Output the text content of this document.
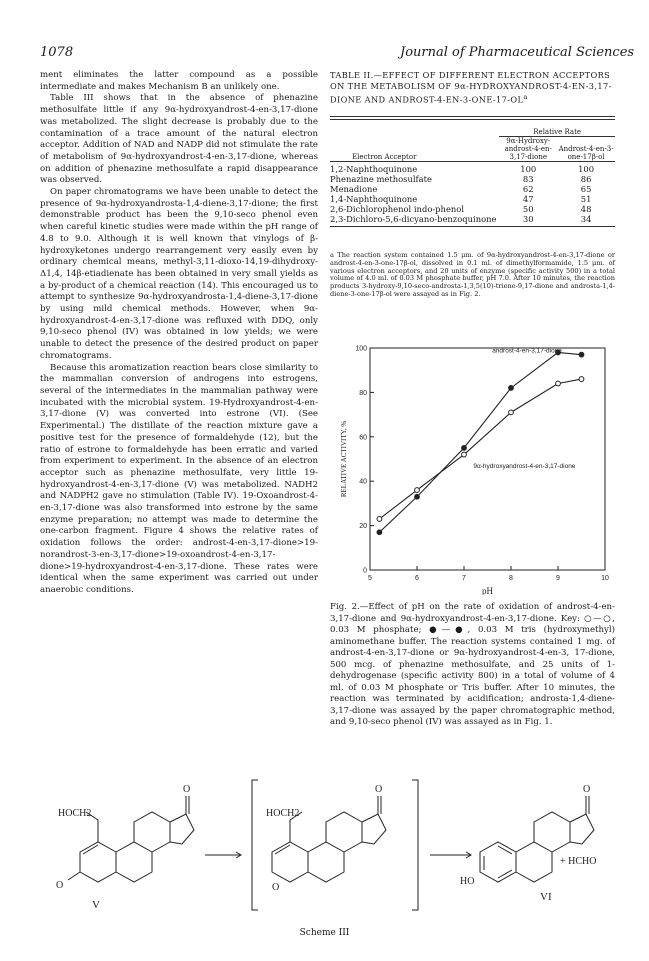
1078	Journal of Pharmaceutical Sciences

ment eliminates the latter compound as a possible intermediate and makes Mechanism B an unlikely one.

Table III shows that in the absence of phenazine methosulfate little if any 9α-hydroxyandrost-4-en-3,17-dione was metabolized. The slight decrease is probably due to the contamination of a trace amount of the natural electron acceptor. Addition of NAD and NADP did not stimulate the rate of metabolism of 9α-hydroxyandrost-4-en-3,17-dione, whereas on addition of phenazine methosulfate a rapid disappearance was observed.

On paper chromatograms we have been unable to detect the presence of 9α-hydroxyandrosta-1,4-diene-3,17-dione; the first demonstrable product has been the 9,10-seco phenol even when careful kinetic studies were made within the pH range of 4.8 to 9.0. Although it is well known that vinylogs of β-hydroxyketones undergo rearrangement very easily even by ordinary chemical means, methyl-3,11-dioxo-14,19-dihydroxy-Δ1,4, 14β-etiadienate has been obtained in very small yields as a by-product of a chemical reaction (14). This encouraged us to attempt to synthesize 9α-hydroxyandrosta-1,4-diene-3,17-dione by using mild chemical methods. However, when 9α-hydroxyandrost-4-en-3,17-dione was refluxed with DDQ, only 9,10-seco phenol (IV) was obtained in low yields; we were unable to detect the presence of the desired product on paper chromatograms.

Because this aromatization reaction bears close similarity to the mammalian conversion of androgens into estrogens, several of the intermediates in the mammalian pathway were incubated with the microbial system. 19-Hydroxyandrost-4-en-3,17-dione (V) was converted into estrone (VI). (See Experimental.) The distillate of the reaction mixture gave a positive test for the presence of formaldehyde (12), but the ratio of estrone to formaldehyde has been erratic and varied from experiment to experiment. In the absence of an electron acceptor such as phenazine methosulfate, very little 19-hydroxyandrost-4-en-3,17-dione (V) was metabolized. NADH2 and NADPH2 gave no stimulation (Table IV). 19-Oxoandrost-4-en-3,17-dione was also transformed into estrone by the same enzyme preparation; no attempt was made to determine the one-carbon fragment. Figure 4 shows the relative rates of oxidation follows the order: androst-4-en-3,17-dione>19-norandrost-3-en-3,17-dione>19-oxoandrost-4-en-3,17-dione>19-hydroxyandrost-4-en-3,17-dione. These rates were identical when the same experiment was carried out under anaerobic conditions.

TABLE II.—EFFECT OF DIFFERENT ELECTRON ACCEPTORS ON THE METABOLISM OF 9α-HYDROXYANDROST-4-EN-3,17-DIONE AND ANDROST-$4-EN-3-ONE-17-OL^a$
	Relative Rate	
Electron Acceptor	9α-Hydroxy-androst-4-en-3,17-dione	Androst-4-en-3-one-17β-ol

1,2-Naphthoquinone	100	100
Phenazine methosulfate	83	86
Menadione	62	65
1,4-Naphthoquinone	47	51
2,6-Dichlorophenol indo-phenol	50	48
2,3-Dichloro-5,6-dicyano-benzoquinone	30	34

a The reaction system contained 1.5 μm. of 9α-hydroxyandrost-4-en-3,17-dione or androst-4-en-3-one-17β-ol, dissolved in 0.1 ml. of dimethylformamide, 1.5 μm. of various electron acceptors, and 20 units of enzyme (specific activity 500) in a total volume of 4.0 ml. of 0.03 M phosphate buffer, pH 7.0. After 10 minutes, the reaction products 3-hydroxy-9,10-seco-androsta-1,3,5(10)-triene-9,17-dione and androsta-1,4-diene-3-one-17β-ol were assayed as in Fig. 2.
5	6	7	8	9	10
0
20
40
60
80
100
pH
RELATIVE ACTIVITY, %
androst-4-en-3,17-dione
9α-hydroxyandrost-4-en-3,17-dione
Fig. 2.—Effect of pH on the rate of oxidation of androst-4-en-3,17-dione and 9α-hydroxyandrost-4-en-3,17-dione. Key: ○—○, 0.03 M phosphate; ●—●, 0.03 M tris (hydroxymethyl) aminomethane buffer. The reaction systems contained 1 mg. of androst-4-en-3,17-dione or 9α-hydroxyandrost-4-en-3, 17-dione, 500 mcg. of phenazine methosulfate, and 25 units of 1-dehydrogenase (specific activity 800) in a total of volume of 4 ml. of 0.03 M phosphate or Tris buffer. After 10 minutes, the reaction was terminated by acidification; androsta-1,4-diene-3,17-dione was assayed by the paper chromatographic method, and 9,10-seco phenol (IV) was assayed as in Fig. 1.
O
O
HOCH2
V
O
HOCH2
O
O
HO
+ HCHO
VI
Scheme III
